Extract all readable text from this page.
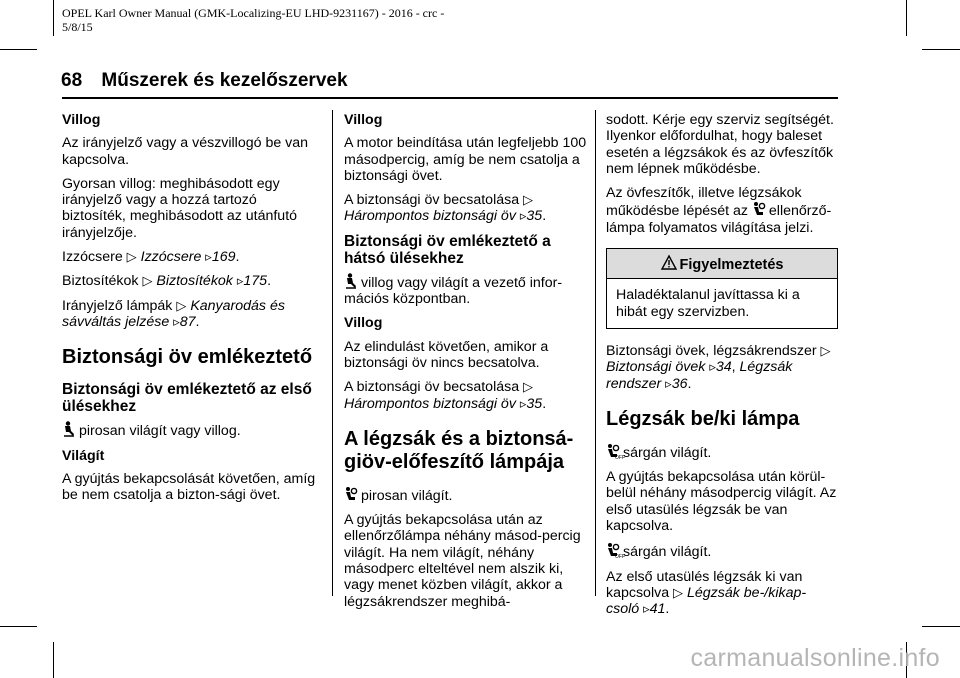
OPEL Karl Owner Manual (GMK-Localizing-EU LHD-9231167) - 2016 - crc -
5/8/15
68 Műszerek és kezelőszervek

Villog

Az irányjelző vagy a vészvillogó be van kapcsolva.

Gyorsan villog: meghibásodott egy irányjelző vagy a hozzá tartozó biztosíték, meghibásodott az utánfutó irányjelzője.

Izzócsere ▷ Izzócsere ▹169.

Biztosítékok ▷ Biztosítékok ▹175.

Irányjelző lámpák ▷ Kanyarodás és sávváltás jelzése ▹87.

Biztonsági öv emlékeztető
Biztonsági öv emlékeztető az első ülésekhez

pirosan világít vagy villog.

Világít

A gyújtás bekapcsolását követően, amíg be nem csatolja a bizton-sági övet.

Villog

A motor beindítása után legfeljebb 100 másodpercig, amíg be nem csatolja a biztonsági övet.

A biztonsági öv becsatolása ▷
Hárompontos biztonsági öv ▹35.

Biztonsági öv emlékeztető a hátsó ülésekhez

villog vagy világít a vezető infor-mációs központban.

Villog

Az elindulást követően, amikor a biztonsági öv nincs becsatolva.

A biztonsági öv becsatolása ▷
Hárompontos biztonsági öv ▹35.

A légzsák és a biztonsá-giöv-előfeszítő lámpája

pirosan világít.

A gyújtás bekapcsolása után az ellenőrzőlámpa néhány másod-percig világít. Ha nem világít, néhány másodperc elteltével nem alszik ki, vagy menet közben világít, akkor a légzsákrendszer meghibá-

sodott. Kérje egy szerviz segítségét. Ilyenkor előfordulhat, hogy baleset esetén a légzsákok és az övfeszítők nem lépnek működésbe.

Az övfeszítők, illetve légzsákok működésbe lépését az ellenőrző-lámpa folyamatos világítása jelzi.

Figyelmeztetés
Haladéktalanul javíttassa ki a hibát egy szervizben.

Biztonsági övek, légzsákrendszer ▷
Biztonsági övek ▹34, Légzsák rendszer ▹36.

Légzsák be/ki lámpa

OFF
sárgán világít.

A gyújtás bekapcsolása után körül-belül néhány másodpercig világít. Az első utasülés légzsák be van kapcsolva.

OFF
sárgán világít.

Az első utasülés légzsák ki van kapcsolva ▷ Légzsák be-/kikap-csoló ▹41.

carmanualsonline.info
